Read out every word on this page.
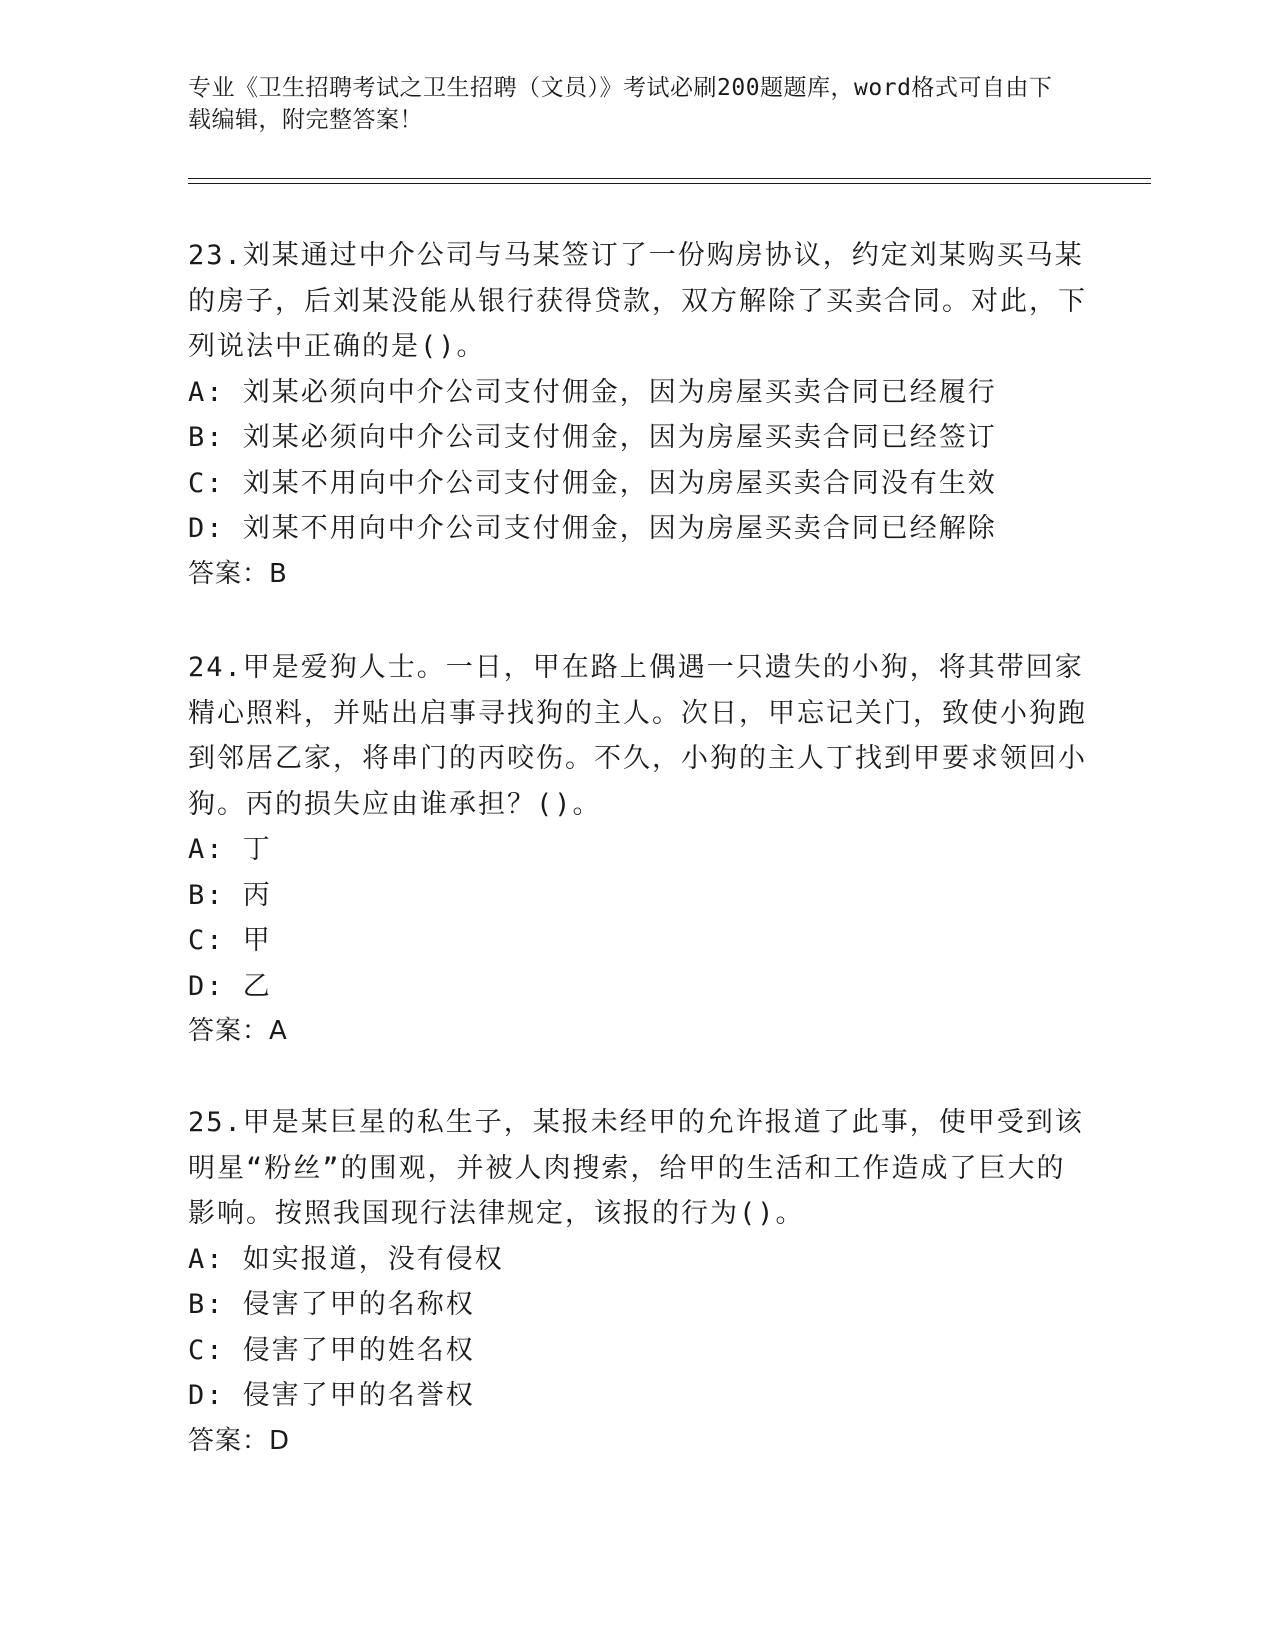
专业《卫生招聘考试之卫生招聘（文员）》考试必刷200题题库，word格式可自由下载编辑，附完整答案！
23.刘某通过中介公司与马某签订了一份购房协议，约定刘某购买马某的房子，后刘某没能从银行获得贷款，双方解除了买卖合同。对此，下列说法中正确的是()。
A: 刘某必须向中介公司支付佣金，因为房屋买卖合同已经履行
B: 刘某必须向中介公司支付佣金，因为房屋买卖合同已经签订
C: 刘某不用向中介公司支付佣金，因为房屋买卖合同没有生效
D: 刘某不用向中介公司支付佣金，因为房屋买卖合同已经解除
答案：B
24.甲是爱狗人士。一日，甲在路上偶遇一只遗失的小狗，将其带回家精心照料，并贴出启事寻找狗的主人。次日，甲忘记关门，致使小狗跑到邻居乙家，将串门的丙咬伤。不久，小狗的主人丁找到甲要求领回小狗。丙的损失应由谁承担？()。
A: 丁
B: 丙
C: 甲
D: 乙
答案：A
25.甲是某巨星的私生子，某报未经甲的允许报道了此事，使甲受到该明星“粉丝”的围观，并被人肉搜索，给甲的生活和工作造成了巨大的影响。按照我国现行法律规定，该报的行为()。
A: 如实报道，没有侵权
B: 侵害了甲的名称权
C: 侵害了甲的姓名权
D: 侵害了甲的名誉权
答案：D
